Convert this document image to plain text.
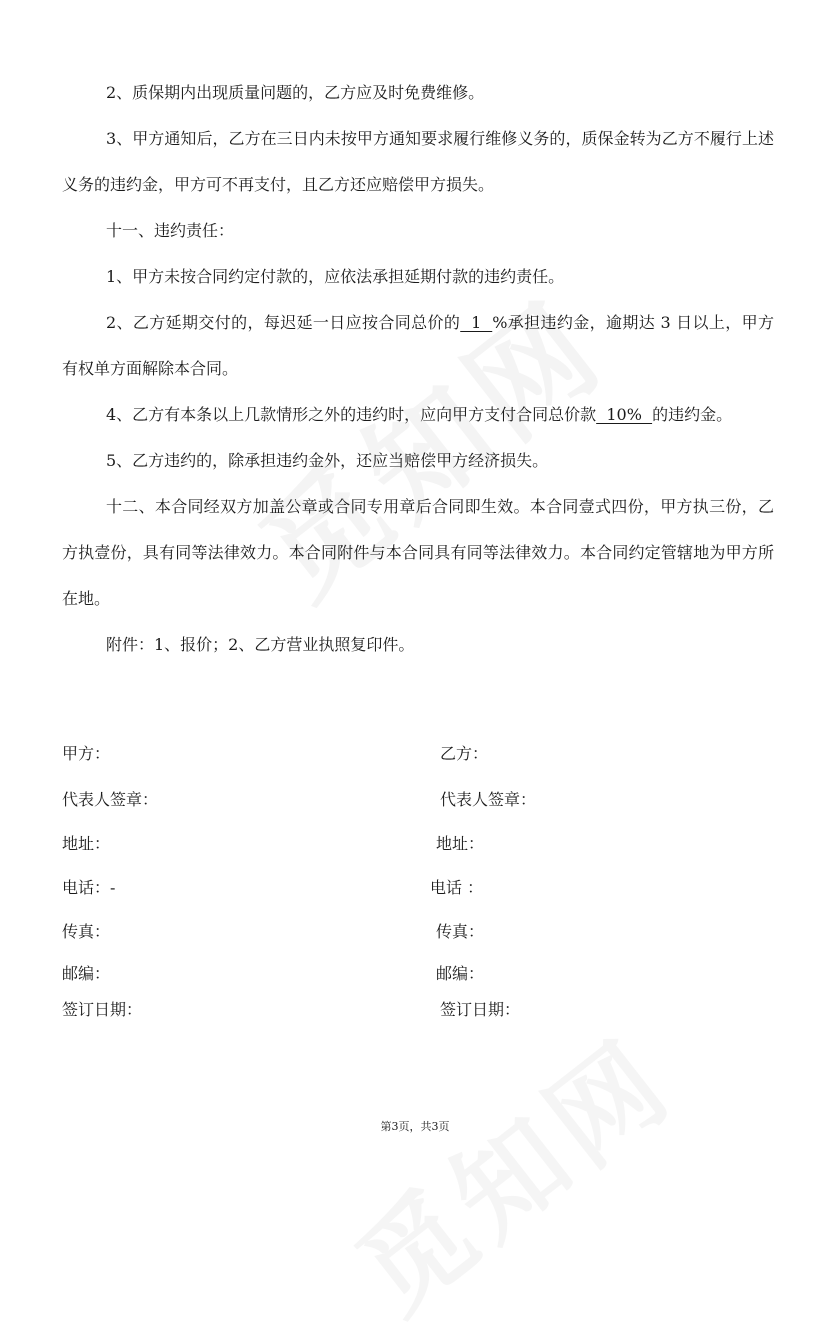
2、质保期内出现质量问题的，乙方应及时免费维修。

3、甲方通知后，乙方在三日内未按甲方通知要求履行维修义务的，质保金转为乙方不履行上述义务的违约金，甲方可不再支付，且乙方还应赔偿甲方损失。

十一、违约责任：

1、甲方未按合同约定付款的，应依法承担延期付款的违约责任。

2、乙方延期交付的，每迟延一日应按合同总价的  1  %承担违约金，逾期达 3 日以上，甲方有权单方面解除本合同。

4、乙方有本条以上几款情形之外的违约时，应向甲方支付合同总价款  10%  的违约金。

5、乙方违约的，除承担违约金外，还应当赔偿甲方经济损失。

十二、本合同经双方加盖公章或合同专用章后合同即生效。本合同壹式四份，甲方执三份，乙方执壹份，具有同等法律效力。本合同附件与本合同具有同等法律效力。本合同约定管辖地为甲方所在地。

附件：1、报价；2、乙方营业执照复印件。

甲方：
代表人签章：
地址：
电话：-
传真：
邮编：
签订日期：
乙方：
代表人签章：
地址：
电话 ：
传真：
邮编：
签订日期：
第3页，共3页
